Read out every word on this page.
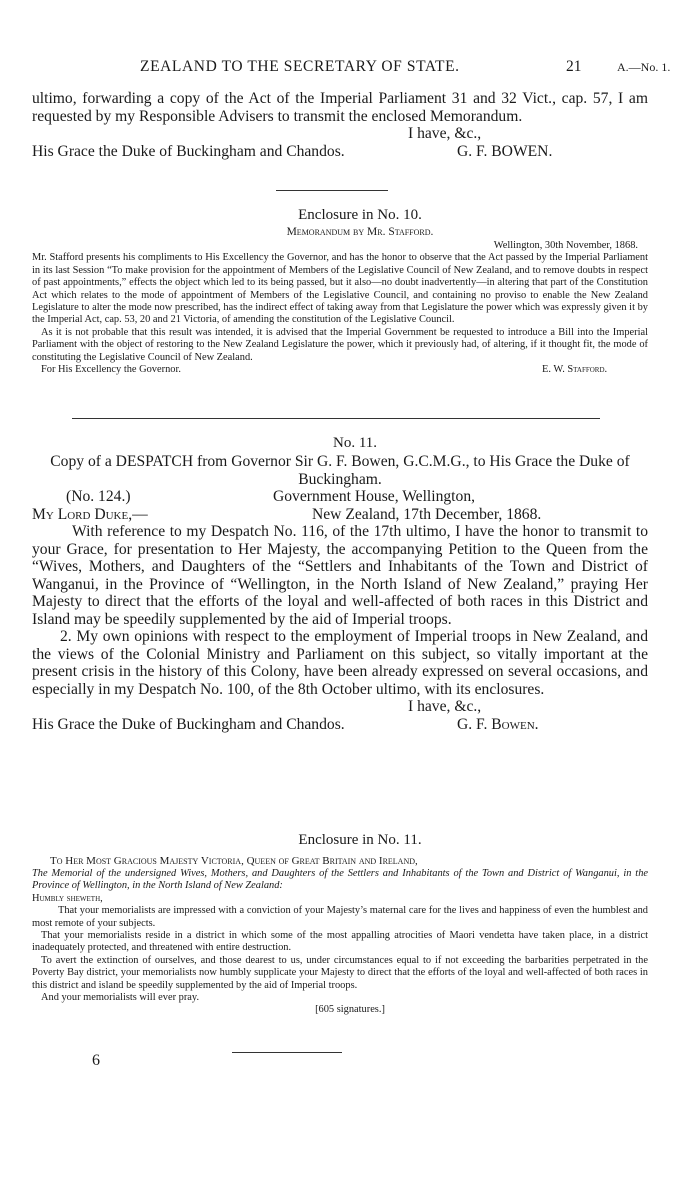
ZEALAND TO THE SECRETARY OF STATE.	21	A.—No. 1.

ultimo, forwarding a copy of the Act of the Imperial Parliament 31 and 32 Vict., cap. 57, I am requested by my Responsible Advisers to transmit the enclosed Memorandum.

I have, &c.,
His Grace the Duke of Buckingham and Chandos.	G. F. BOWEN.
Enclosure in No. 10.
Memorandum by Mr. Stafford.
Wellington, 30th November, 1868.

Mr. Stafford presents his compliments to His Excellency the Governor, and has the honor to observe that the Act passed by the Imperial Parliament in its last Session “To make provision for the appointment of Members of the Legislative Council of New Zealand, and to remove doubts in respect of past appointments,” effects the object which led to its being passed, but it also—no doubt inadvertently—in altering that part of the Constitution Act which relates to the mode of appointment of Members of the Legislative Council, and containing no proviso to enable the New Zealand Legislature to alter the mode now prescribed, has the indirect effect of taking away from that Legislature the power which was expressly given it by the Imperial Act, cap. 53, 20 and 21 Victoria, of amending the constitution of the Legislative Council.

As it is not probable that this result was intended, it is advised that the Imperial Government be requested to introduce a Bill into the Imperial Parliament with the object of restoring to the New Zealand Legislature the power, which it previously had, of altering, if it thought fit, the mode of constituting the Legislative Council of New Zealand.

For His Excellency the Governor.	E. W. Stafford.
No. 11.

Copy of a DESPATCH from Governor Sir G. F. Bowen, G.C.M.G., to His Grace the Duke of Buckingham.

(No. 124.)	Government House, Wellington,
My Lord Duke,—	New Zealand, 17th December, 1868.

With reference to my Despatch No. 116, of the 17th ultimo, I have the honor to transmit to your Grace, for presentation to Her Majesty, the accompanying Petition to the Queen from the “Wives, Mothers, and Daughters of the “Settlers and Inhabitants of the Town and District of Wanganui, in the Province of “Wellington, in the North Island of New Zealand,” praying Her Majesty to direct that the efforts of the loyal and well-affected of both races in this District and Island may be speedily supplemented by the aid of Imperial troops.

2. My own opinions with respect to the employment of Imperial troops in New Zealand, and the views of the Colonial Ministry and Parliament on this subject, so vitally important at the present crisis in the history of this Colony, have been already expressed on several occasions, and especially in my Despatch No. 100, of the 8th October ultimo, with its enclosures.

I have, &c.,
His Grace the Duke of Buckingham and Chandos.	G. F. Bowen.
Enclosure in No. 11.
To Her Most Gracious Majesty Victoria, Queen of Great Britain and Ireland,

The Memorial of the undersigned Wives, Mothers, and Daughters of the Settlers and Inhabitants of the Town and District of Wanganui, in the Province of Wellington, in the North Island of New Zealand:

Humbly sheweth,

That your memorialists are impressed with a conviction of your Majesty’s maternal care for the lives and happiness of even the humblest and most remote of your subjects.

That your memorialists reside in a district in which some of the most appalling atrocities of Maori vendetta have taken place, in a district inadequately protected, and threatened with entire destruction.

To avert the extinction of ourselves, and those dearest to us, under circumstances equal to if not exceeding the barbarities perpetrated in the Poverty Bay district, your memorialists now humbly supplicate your Majesty to direct that the efforts of the loyal and well-affected of both races in this district and island be speedily supplemented by the aid of Imperial troops.

And your memorialists will ever pray.

[605 signatures.]
6
